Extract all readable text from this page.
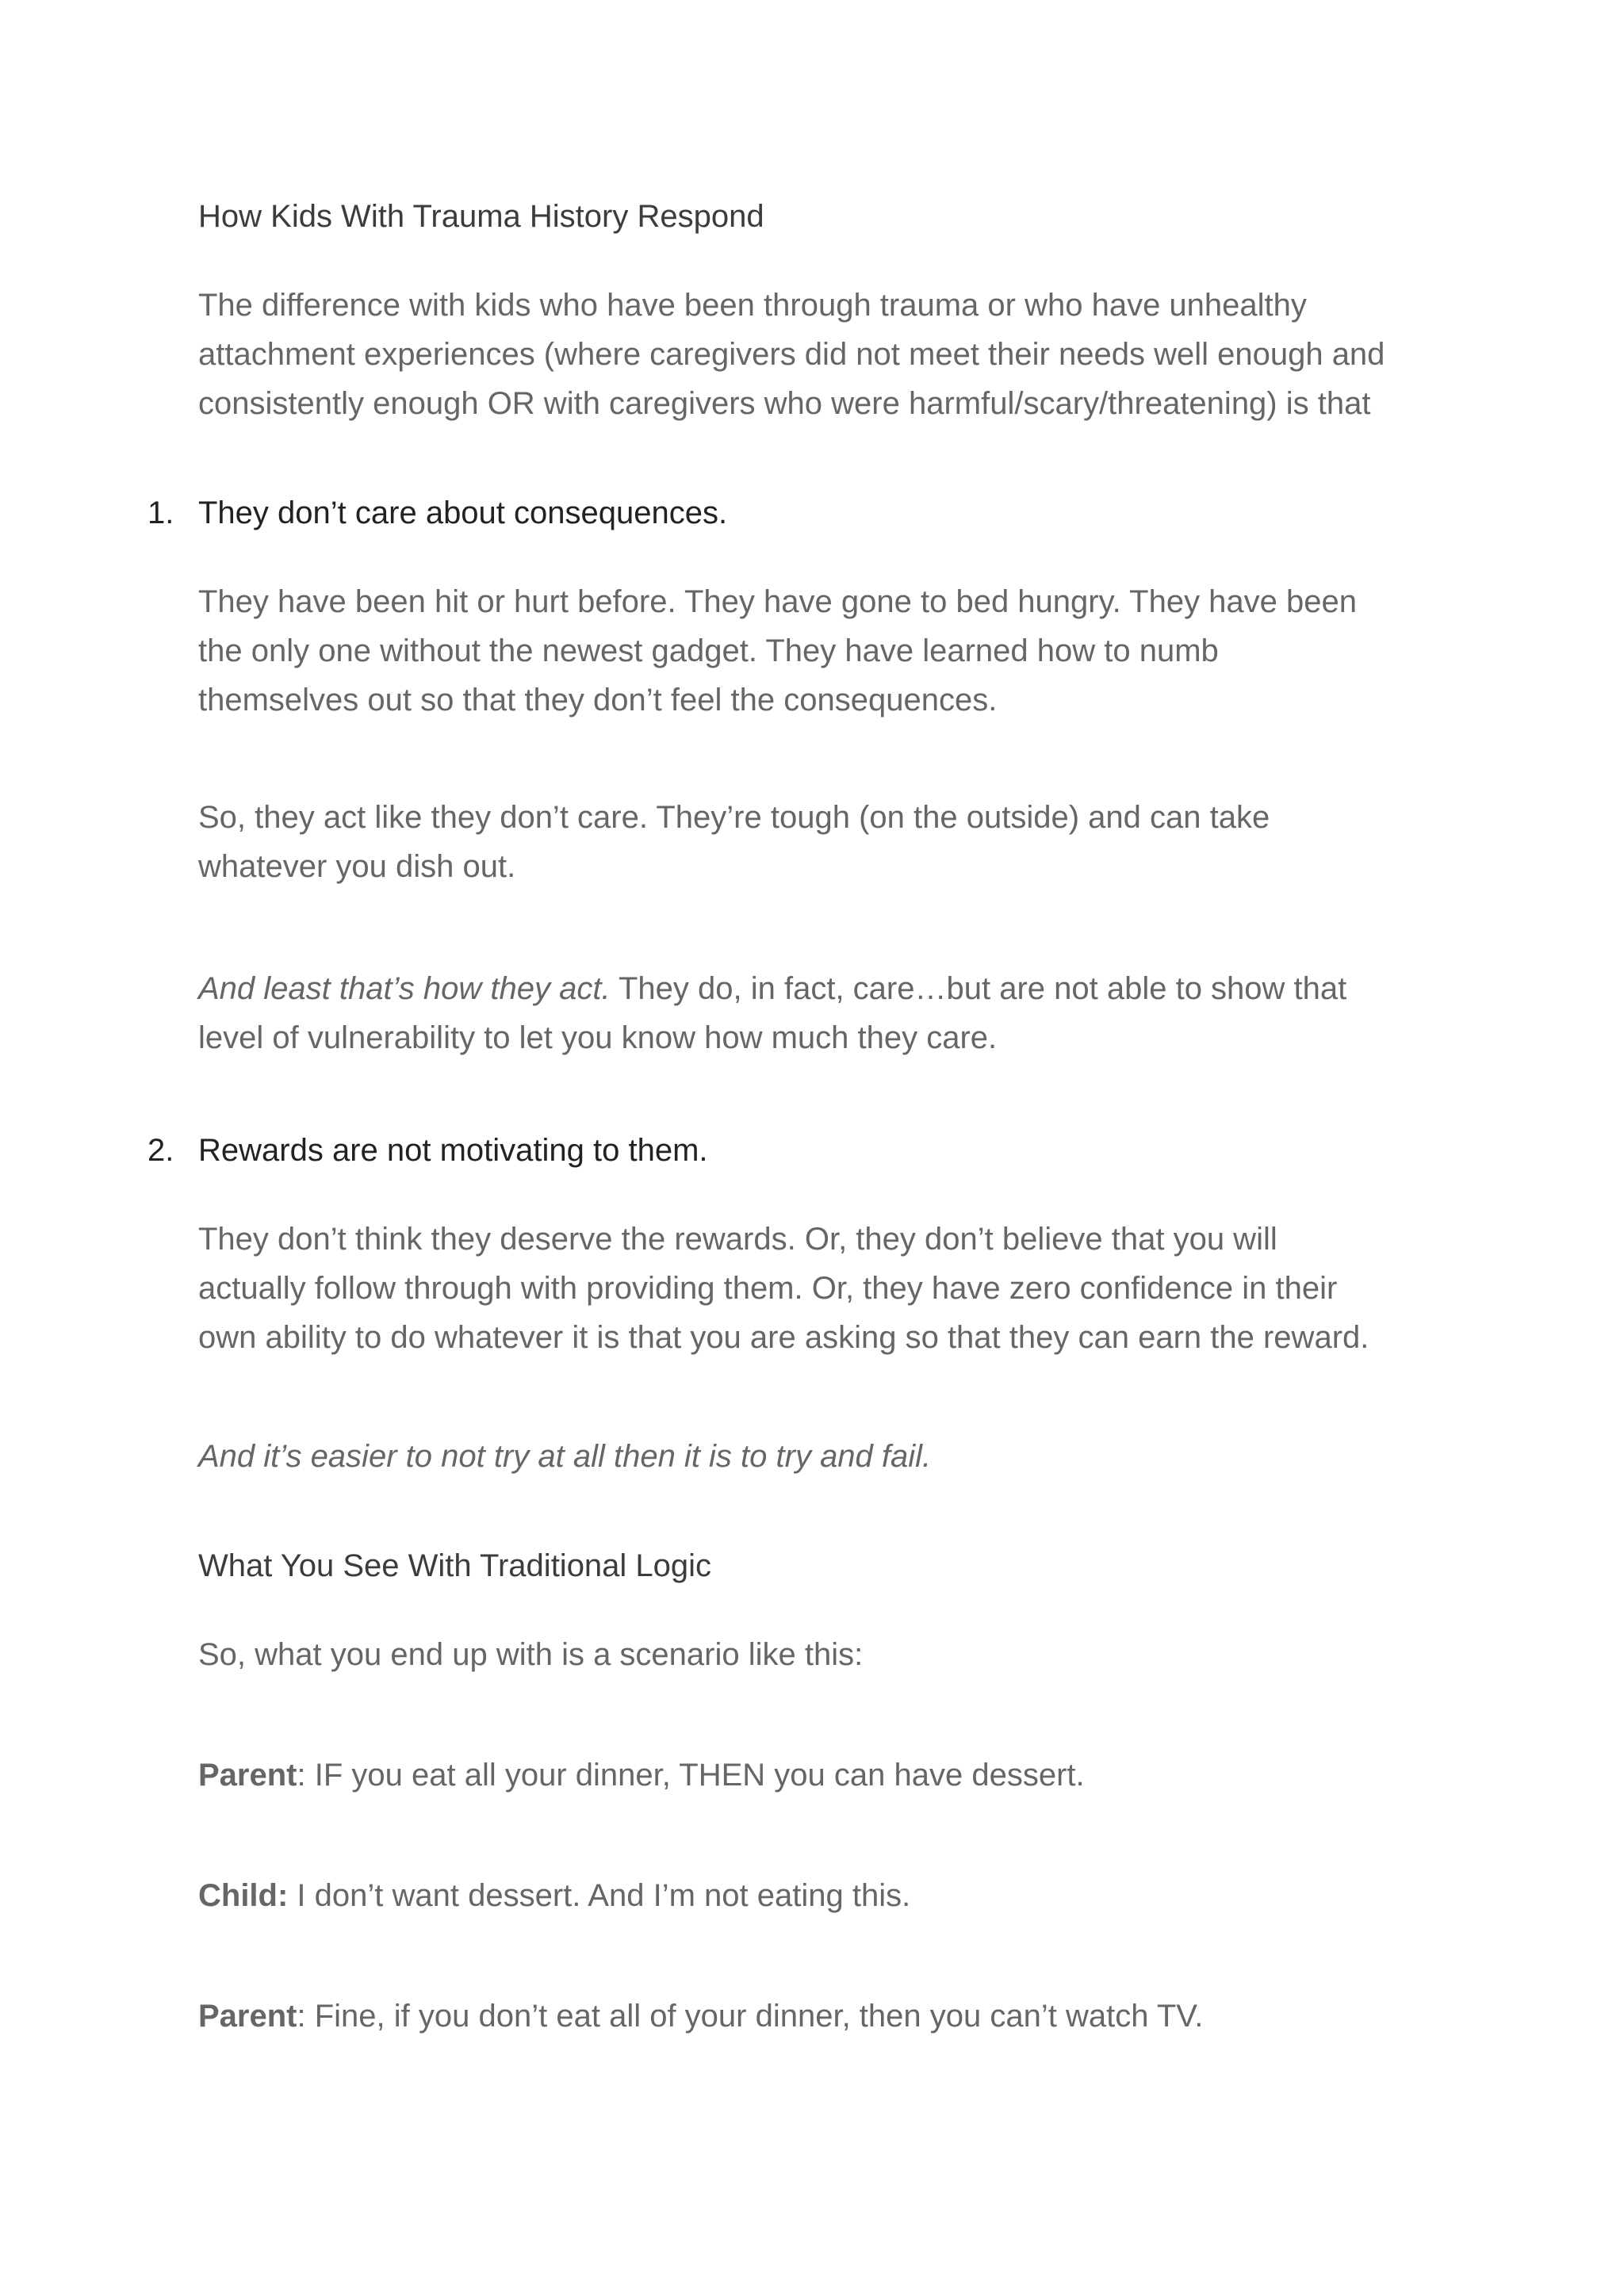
How Kids With Trauma History Respond

The difference with kids who have been through trauma or who have unhealthy
attachment experiences (where caregivers did not meet their needs well enough and
consistently enough OR with caregivers who were harmful/scary/threatening) is that

1. They don’t care about consequences.

They have been hit or hurt before. They have gone to bed hungry. They have been
the only one without the newest gadget. They have learned how to numb
themselves out so that they don’t feel the consequences.

So, they act like they don’t care. They’re tough (on the outside) and can take
whatever you dish out.

And least that’s how they act. They do, in fact, care…but are not able to show that
level of vulnerability to let you know how much they care.

2. Rewards are not motivating to them.

They don’t think they deserve the rewards. Or, they don’t believe that you will
actually follow through with providing them. Or, they have zero confidence in their
own ability to do whatever it is that you are asking so that they can earn the reward.

And it’s easier to not try at all then it is to try and fail.

What You See With Traditional Logic

So, what you end up with is a scenario like this:

Parent: IF you eat all your dinner, THEN you can have dessert.

Child: I don’t want dessert. And I’m not eating this.

Parent: Fine, if you don’t eat all of your dinner, then you can’t watch TV.
